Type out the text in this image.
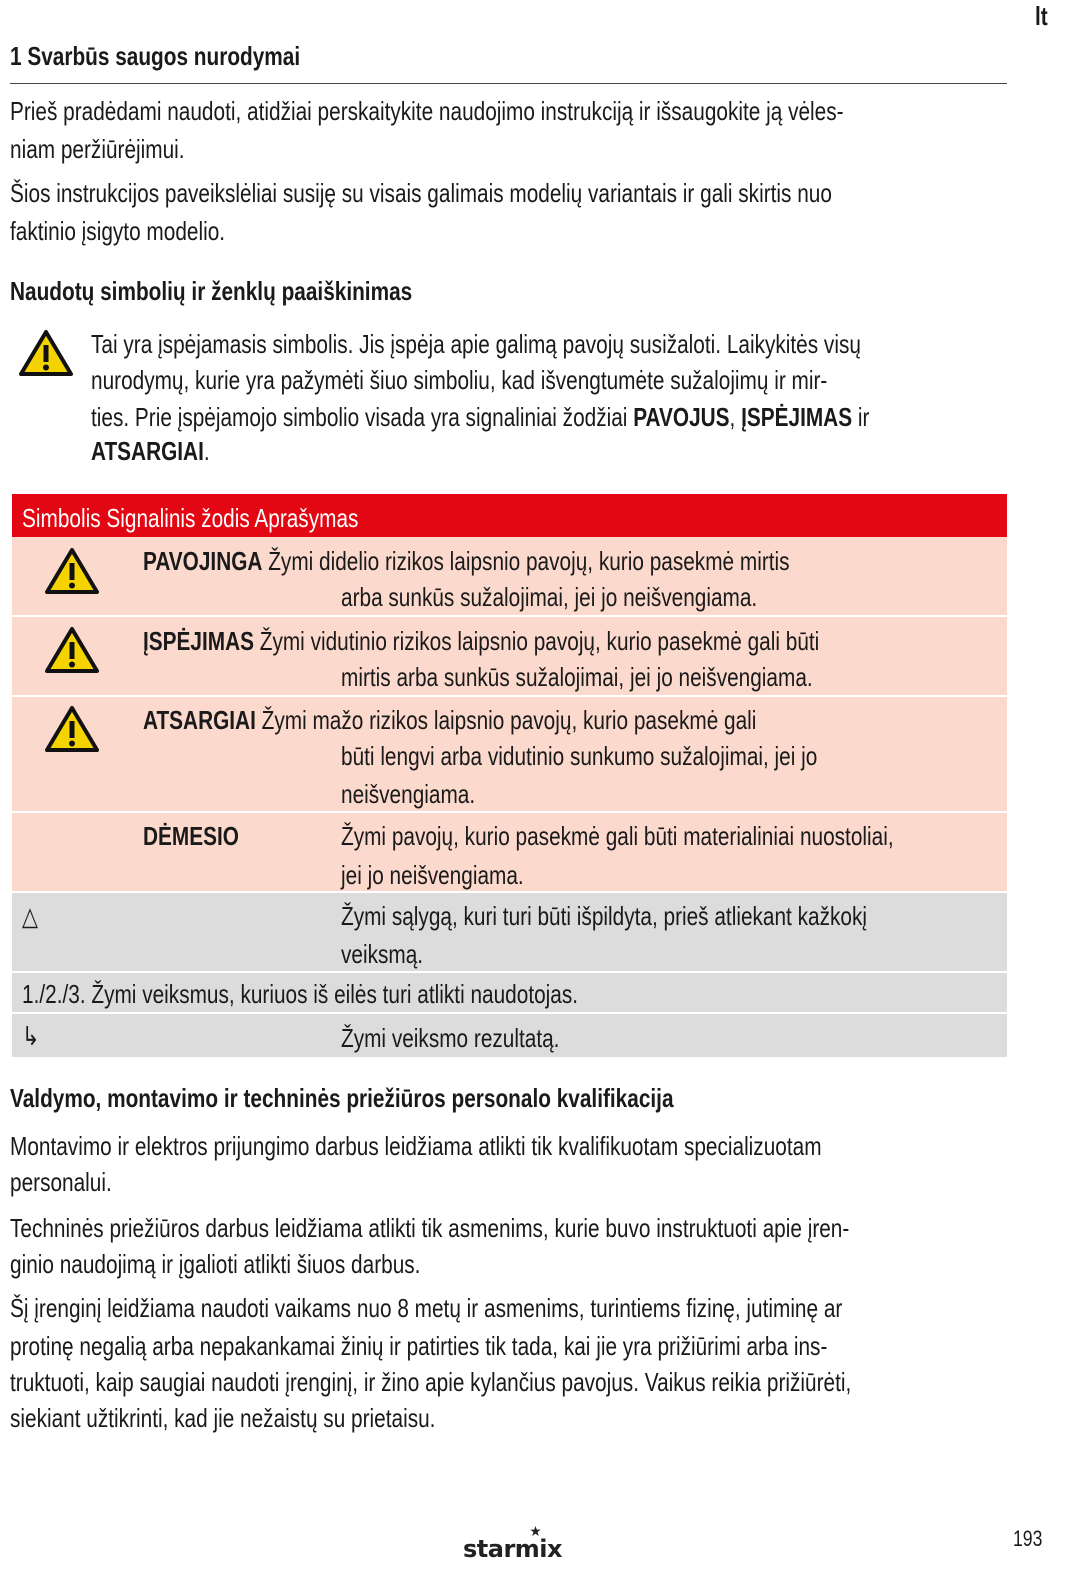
lt
1 Svarbūs saugos nurodymai
Prieš pradėdami naudoti, atidžiai perskaitykite naudojimo instrukciją ir išsaugokite ją vėles-
niam peržiūrėjimui.
Šios instrukcijos paveikslėliai susiję su visais galimais modelių variantais ir gali skirtis nuo
faktinio įsigyto modelio.
Naudotų simbolių ir ženklų paaiškinimas
Tai yra įspėjamasis simbolis. Jis įspėja apie galimą pavojų susižaloti. Laikykitės visų
nurodymų, kurie yra pažymėti šiuo simboliu, kad išvengtumėte sužalojimų ir mir-
ties. Prie įspėjamojo simbolio visada yra signaliniai žodžiai PAVOJUS, ĮSPĖJIMAS ir
ATSARGIAI.
Simbolis Signalinis žodis Aprašymas
PAVOJINGA Žymi didelio rizikos laipsnio pavojų, kurio pasekmė mirtis
arba sunkūs sužalojimai, jei jo neišvengiama.
ĮSPĖJIMAS Žymi vidutinio rizikos laipsnio pavojų, kurio pasekmė gali būti
mirtis arba sunkūs sužalojimai, jei jo neišvengiama.
ATSARGIAI Žymi mažo rizikos laipsnio pavojų, kurio pasekmė gali
būti lengvi arba vidutinio sunkumo sužalojimai, jei jo
neišvengiama.
DĖMESIO	Žymi pavojų, kurio pasekmė gali būti materialiniai nuostoliai,
jei jo neišvengiama.
△	Žymi sąlygą, kuri turi būti išpildyta, prieš atliekant kažkokį
veiksmą.
1./2./3. Žymi veiksmus, kuriuos iš eilės turi atlikti naudotojas.
↳	Žymi veiksmo rezultatą.
Valdymo, montavimo ir techninės priežiūros personalo kvalifikacija
Montavimo ir elektros prijungimo darbus leidžiama atlikti tik kvalifikuotam specializuotam
personalui.
Techninės priežiūros darbus leidžiama atlikti tik asmenims, kurie buvo instruktuoti apie įren-
ginio naudojimą ir įgalioti atlikti šiuos darbus.
Šį įrenginį leidžiama naudoti vaikams nuo 8 metų ir asmenims, turintiems fizinę, jutiminę ar
protinę negalią arba nepakankamai žinių ir patirties tik tada, kai jie yra prižiūrimi arba ins-
truktuoti, kaip saugiai naudoti įrenginį, ir žino apie kylančius pavojus. Vaikus reikia prižiūrėti,
siekiant užtikrinti, kad jie nežaistų su prietaisu.
starmix	193
